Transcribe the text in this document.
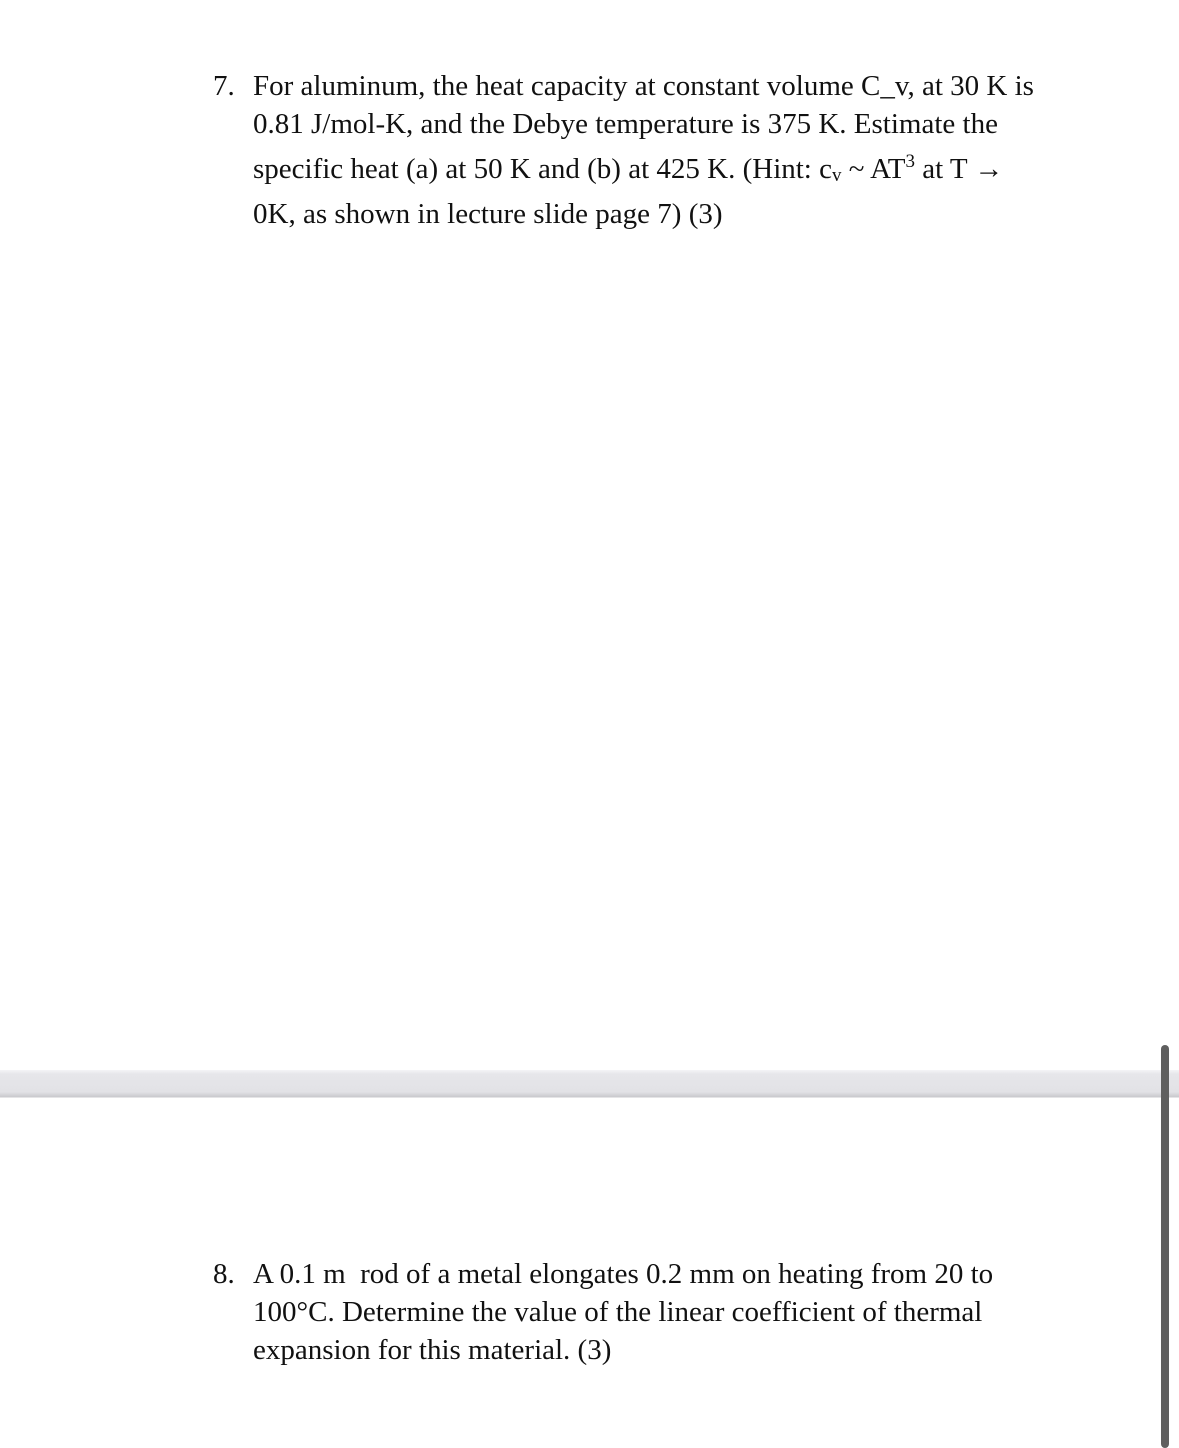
7. For aluminum, the heat capacity at constant volume C_v, at 30 K is
0.81 J/mol-K, and the Debye temperature is 375 K. Estimate the
specific heat (a) at 50 K and (b) at 425 K. (Hint: cv ~ $AT^3$ at T →
0K, as shown in lecture slide page 7) (3)
8. A 0.1 m  rod of a metal elongates 0.2 mm on heating from 20 to
100°C. Determine the value of the linear coefficient of thermal
expansion for this material. (3)
